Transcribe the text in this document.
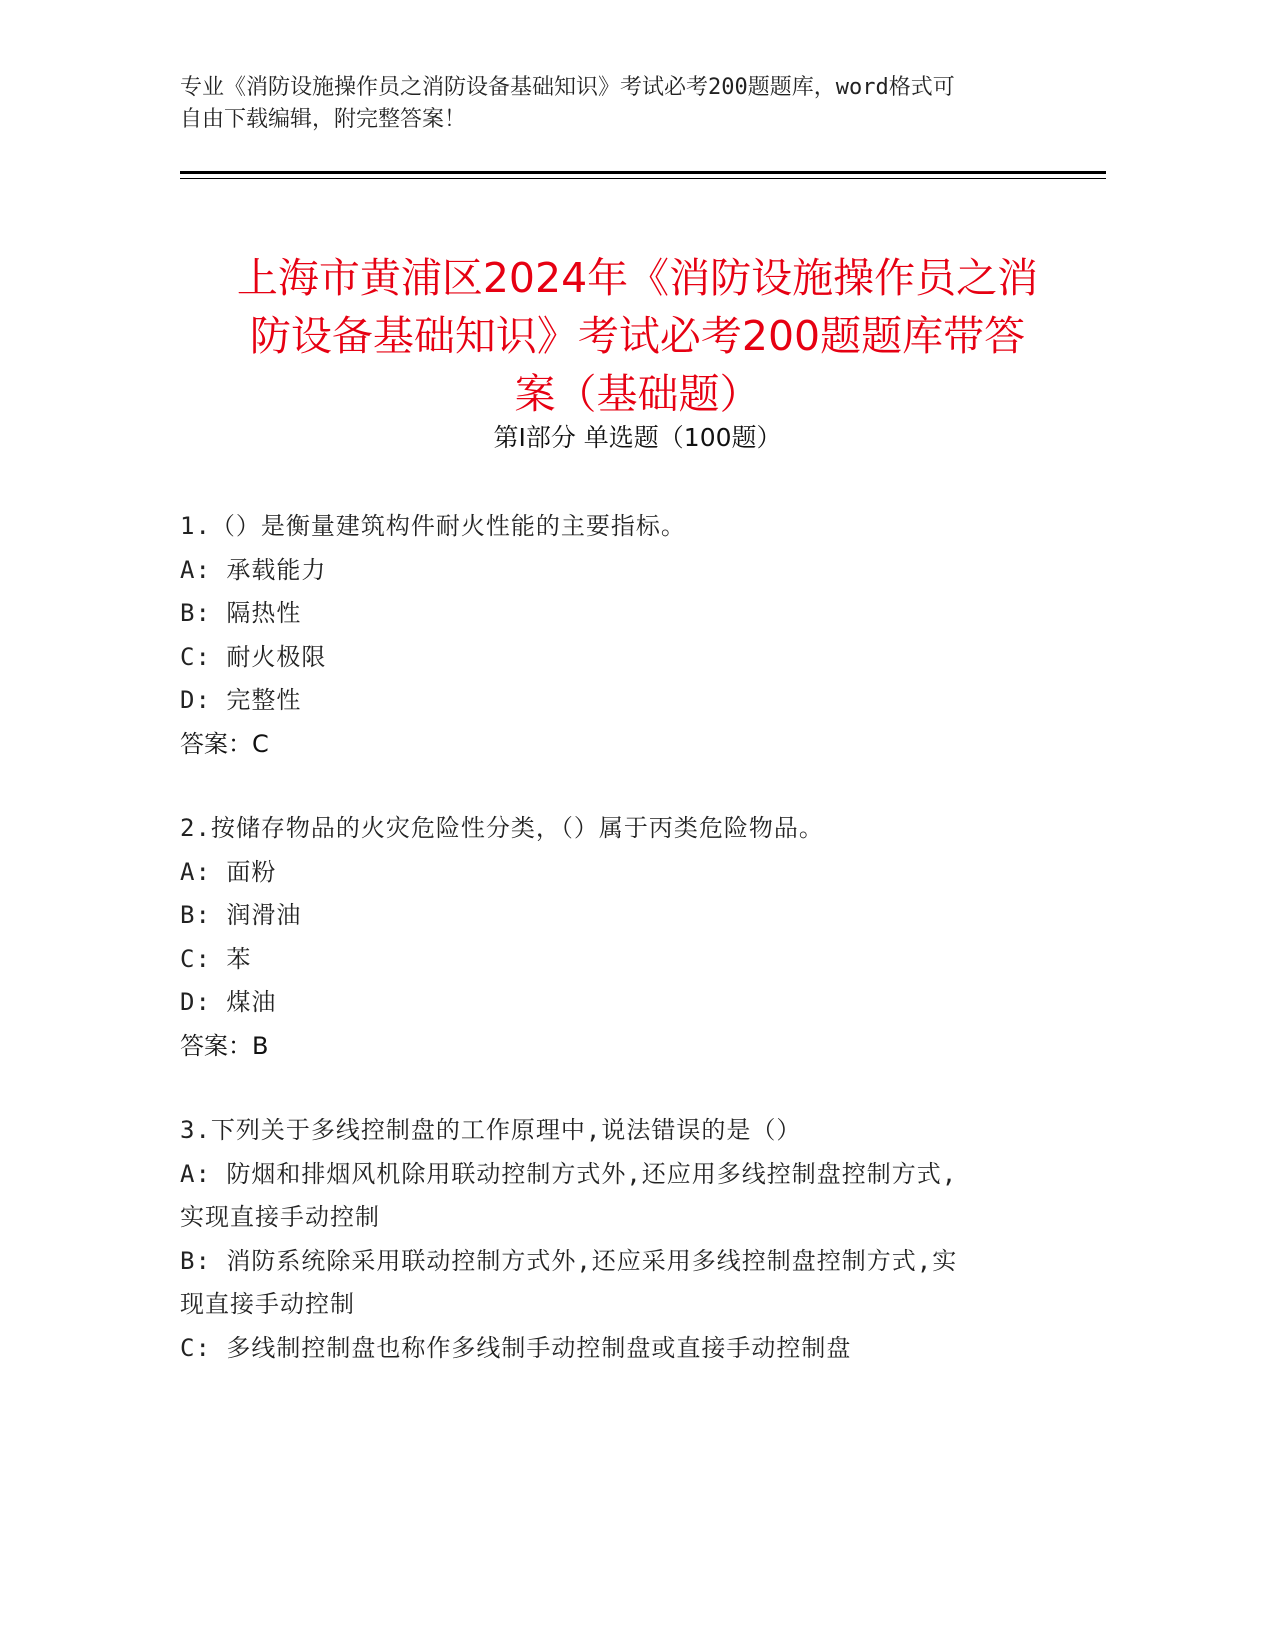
专业《消防设施操作员之消防设备基础知识》考试必考200题题库，word格式可

自由下载编辑，附完整答案！

上海市黄浦区2024年《消防设施操作员之消

防设备基础知识》考试必考200题题库带答

案（基础题）

第Ⅰ部分 单选题（100题）

1.（）是衡量建筑构件耐火性能的主要指标。

A: 承载能力

B: 隔热性

C: 耐火极限

D: 完整性

答案：C

2.按储存物品的火灾危险性分类，（）属于丙类危险物品。

A: 面粉

B: 润滑油

C: 苯

D: 煤油

答案：B

3.下列关于多线控制盘的工作原理中,说法错误的是（）

A: 防烟和排烟风机除用联动控制方式外,还应用多线控制盘控制方式,

实现直接手动控制

B: 消防系统除采用联动控制方式外,还应采用多线控制盘控制方式,实

现直接手动控制

C: 多线制控制盘也称作多线制手动控制盘或直接手动控制盘
